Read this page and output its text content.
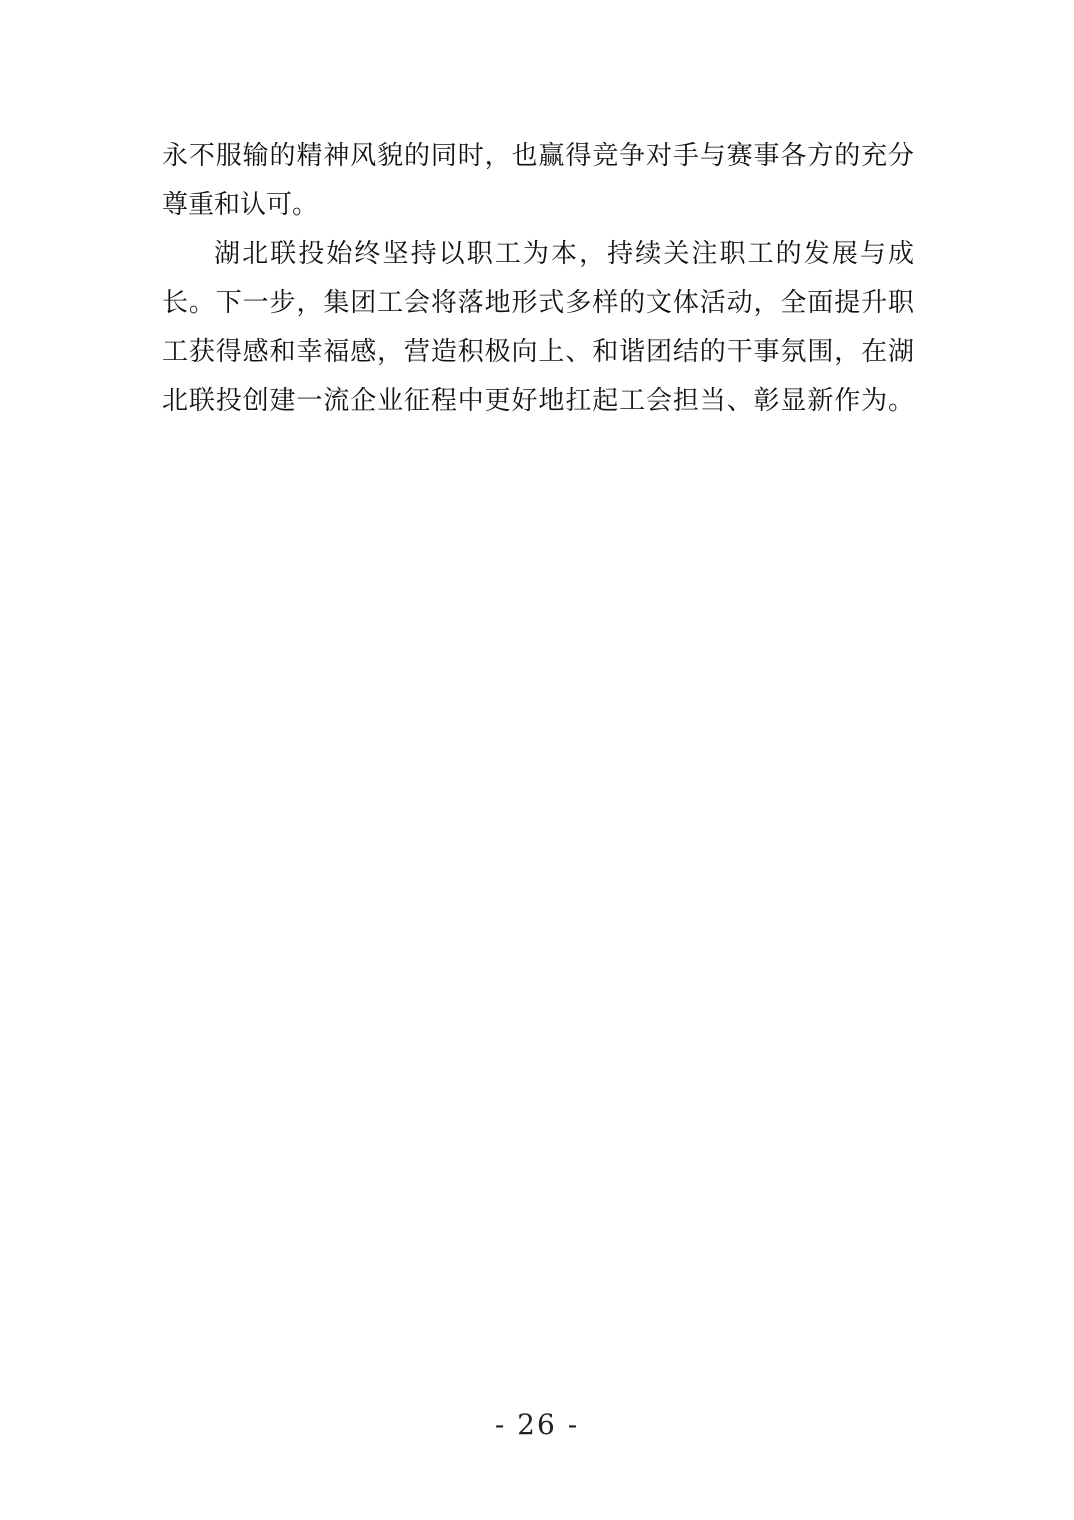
永不服输的精神风貌的同时，也赢得竞争对手与赛事各方的充分
尊重和认可。
湖北联投始终坚持以职工为本，持续关注职工的发展与成
长。下一步，集团工会将落地形式多样的文体活动，全面提升职
工获得感和幸福感，营造积极向上、和谐团结的干事氛围，在湖
北联投创建一流企业征程中更好地扛起工会担当、彰显新作为。
- 26 -
